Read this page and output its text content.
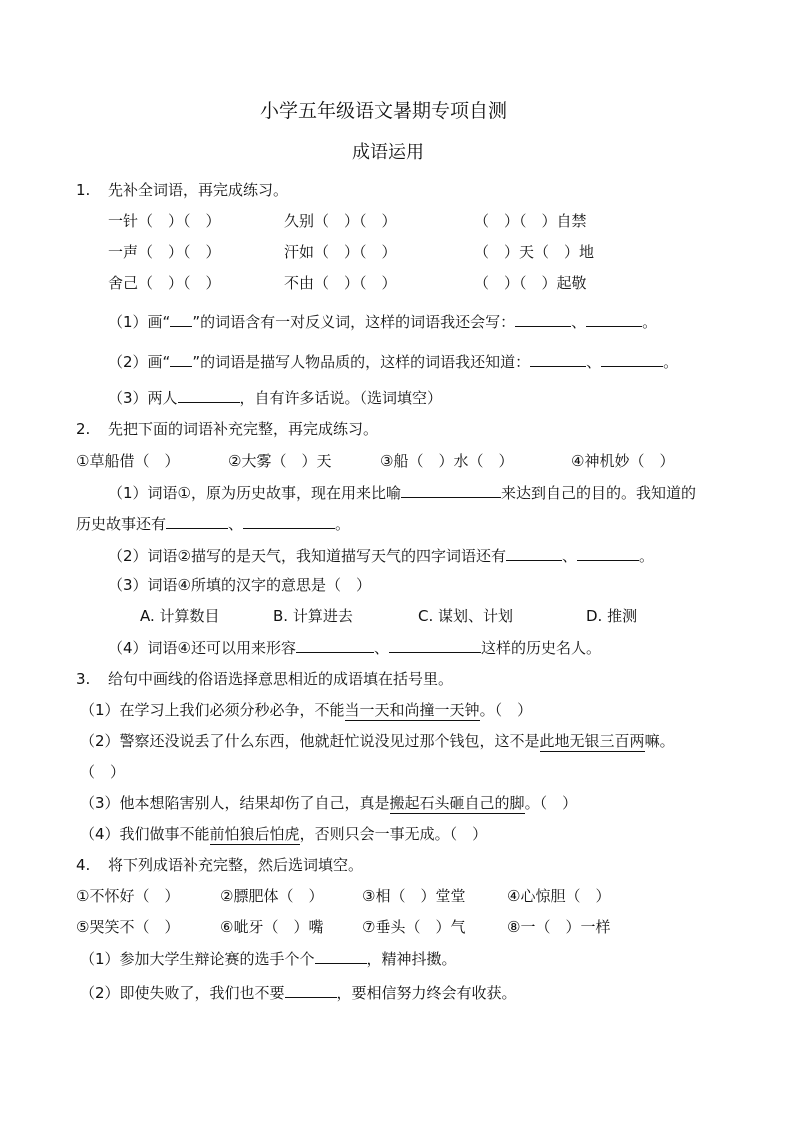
小学五年级语文暑期专项自测
成语运用
1. 先补全词语，再完成练习。
一针（　）（　）	久别（　）（　）	（　）（　）自禁
一声（　）（　）	汗如（　）（　）	（　）天（　）地
舍己（　）（　）	不由（　）（　）	（　）（　）起敬
（1）画“ ”的词语含有一对反义词，这样的词语我还会写：	、	。
（2）画“ ”的词语是描写人物品质的，这样的词语我还知道：	、	。
（3）两人	，自有许多话说。（选词填空）
2. 先把下面的词语补充完整，再完成练习。
①草船借（　）	②大雾（　）天	③船（　）水（　）	④神机妙（　）
（1）词语①，原为历史故事，现在用来比喻	来达到自己的目的。我知道的
历史故事还有	、	。
（2）词语②描写的是天气，我知道描写天气的四字词语还有	、	。
（3）词语④所填的汉字的意思是（　）
A. 计算数目	B. 计算进去	C. 谋划、计划	D. 推测
（4）词语④还可以用来形容	、	这样的历史名人。
3. 给句中画线的俗语选择意思相近的成语填在括号里。
（1）在学习上我们必须分秒必争，不能当一天和尚撞一天钟。（　）
（2）警察还没说丢了什么东西，他就赶忙说没见过那个钱包，这不是此地无银三百两嘛。
（　）
（3）他本想陷害别人，结果却伤了自己，真是搬起石头砸自己的脚。（　）
（4）我们做事不能前怕狼后怕虎，否则只会一事无成。（　）
4. 将下列成语补充完整，然后选词填空。
①不怀好（　）	②膘肥体（　）	③相（　）堂堂	④心惊胆（　）
⑤哭笑不（　）	⑥呲牙（　）嘴	⑦垂头（　）气	⑧一（　）一样
（1）参加大学生辩论赛的选手个个	，精神抖擞。
（2）即使失败了，我们也不要	，要相信努力终会有收获。
